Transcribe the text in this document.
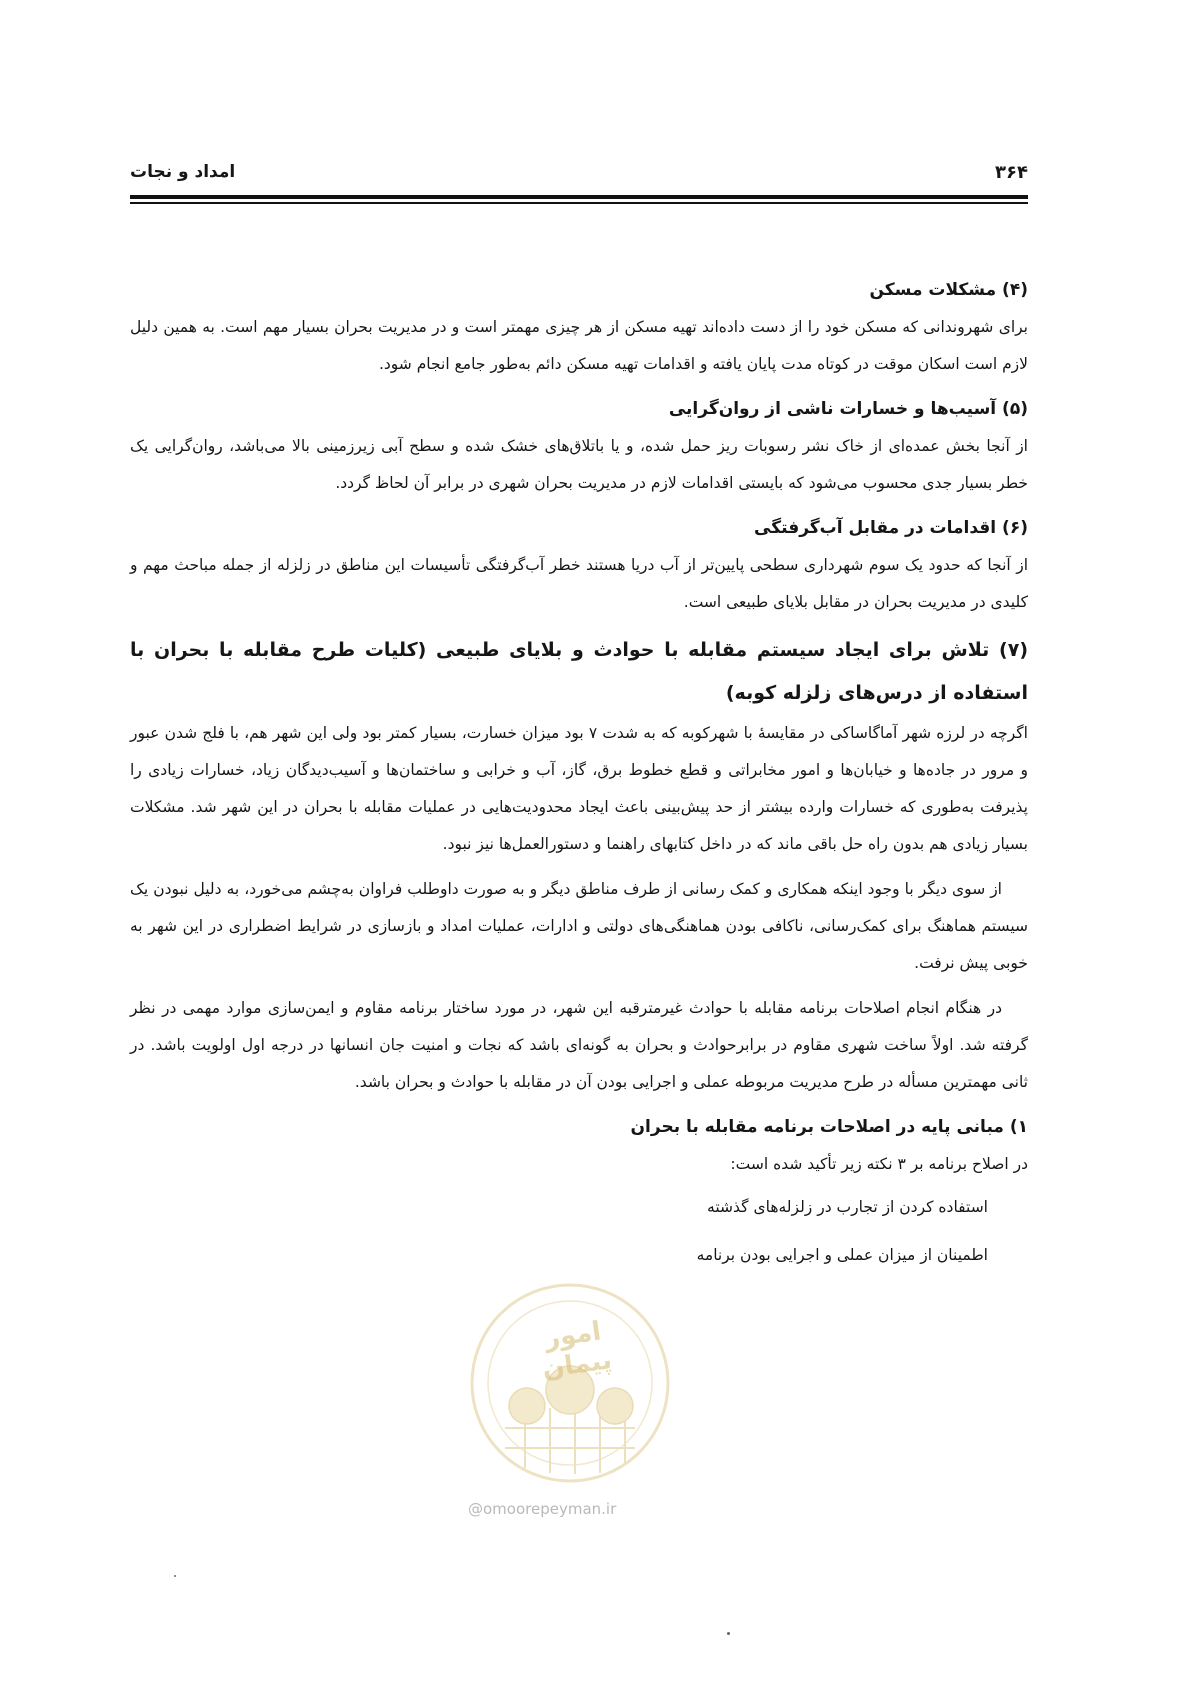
۳۶۴
امداد و نجات

(۴) مشکلات مسکن

برای شهروندانی که مسکن خود را از دست داده‌اند تهیه مسکن از هر چیزی مهمتر است و در مدیریت بحران بسیار مهم است. به همین دلیل لازم است اسکان موقت در کوتاه مدت پایان یافته و اقدامات تهیه مسکن دائم به‌طور جامع انجام شود.

(۵) آسیب‌ها و خسارات ناشی از روان‌گرایی

از آنجا بخش عمده‌ای از خاک نشر رسوبات ریز حمل شده، و یا باتلاق‌های خشک شده و سطح آبی زیرزمینی بالا می‌باشد، روان‌گرایی یک خطر بسیار جدی محسوب می‌شود که بایستی اقدامات لازم در مدیریت بحران شهری در برابر آن لحاظ گردد.

(۶) اقدامات در مقابل آب‌گرفتگی

از آنجا که حدود یک سوم شهرداری سطحی پایین‌تر از آب دریا هستند خطر آب‌گرفتگی تأسیسات این مناطق در زلزله از جمله مباحث مهم و کلیدی در مدیریت بحران در مقابل بلایای طبیعی است.

(۷) تلاش برای ایجاد سیستم مقابله با حوادث و بلایای طبیعی (کلیات طرح مقابله با بحران با استفاده از درس‌های زلزله کوبه)

اگرچه در لرزه شهر آماگاساکی در مقایسهٔ با شهرکوبه که به شدت ۷ بود میزان خسارت، بسیار کمتر بود ولی این شهر هم، با فلج شدن عبور و مرور در جاده‌ها و خیابان‌ها و امور مخابراتی و قطع خطوط برق، گاز، آب و خرابی و ساختمان‌ها و آسیب‌دیدگان زیاد، خسارات زیادی را پذیرفت به‌طوری که خسارات وارده بیشتر از حد پیش‌بینی باعث ایجاد محدودیت‌هایی در عملیات مقابله با بحران در این شهر شد. مشکلات بسیار زیادی هم بدون راه حل باقی ماند که در داخل کتابهای راهنما و دستورالعمل‌ها نیز نبود.

از سوی دیگر با وجود اینکه همکاری و کمک رسانی از طرف مناطق دیگر و به صورت داوطلب فراوان به‌چشم می‌خورد، به دلیل نبودن یک سیستم هماهنگ برای کمک‌رسانی، ناکافی بودن هماهنگی‌های دولتی و ادارات، عملیات امداد و بازسازی در شرایط اضطراری در این شهر به خوبی پیش نرفت.

در هنگام انجام اصلاحات برنامه مقابله با حوادث غیرمترقبه این شهر، در مورد ساختار برنامه مقاوم و ایمن‌سازی موارد مهمی در نظر گرفته شد. اولاً ساخت شهری مقاوم در برابرحوادث و بحران به گونه‌ای باشد که نجات و امنیت جان انسانها در درجه اول اولویت باشد. در ثانی مهمترین مسأله در طرح مدیریت مربوطه عملی و اجرایی بودن آن در مقابله با حوادث و بحران باشد.

۱) مبانی پایه در اصلاحات برنامه مقابله با بحران

در اصلاح برنامه بر ۳ نکته زیر تأکید شده است:

استفاده کردن از تجارب در زلزله‌های گذشته

اطمینان از میزان عملی و اجرایی بودن برنامه

امور پیمان
@omoorepeyman.ir
